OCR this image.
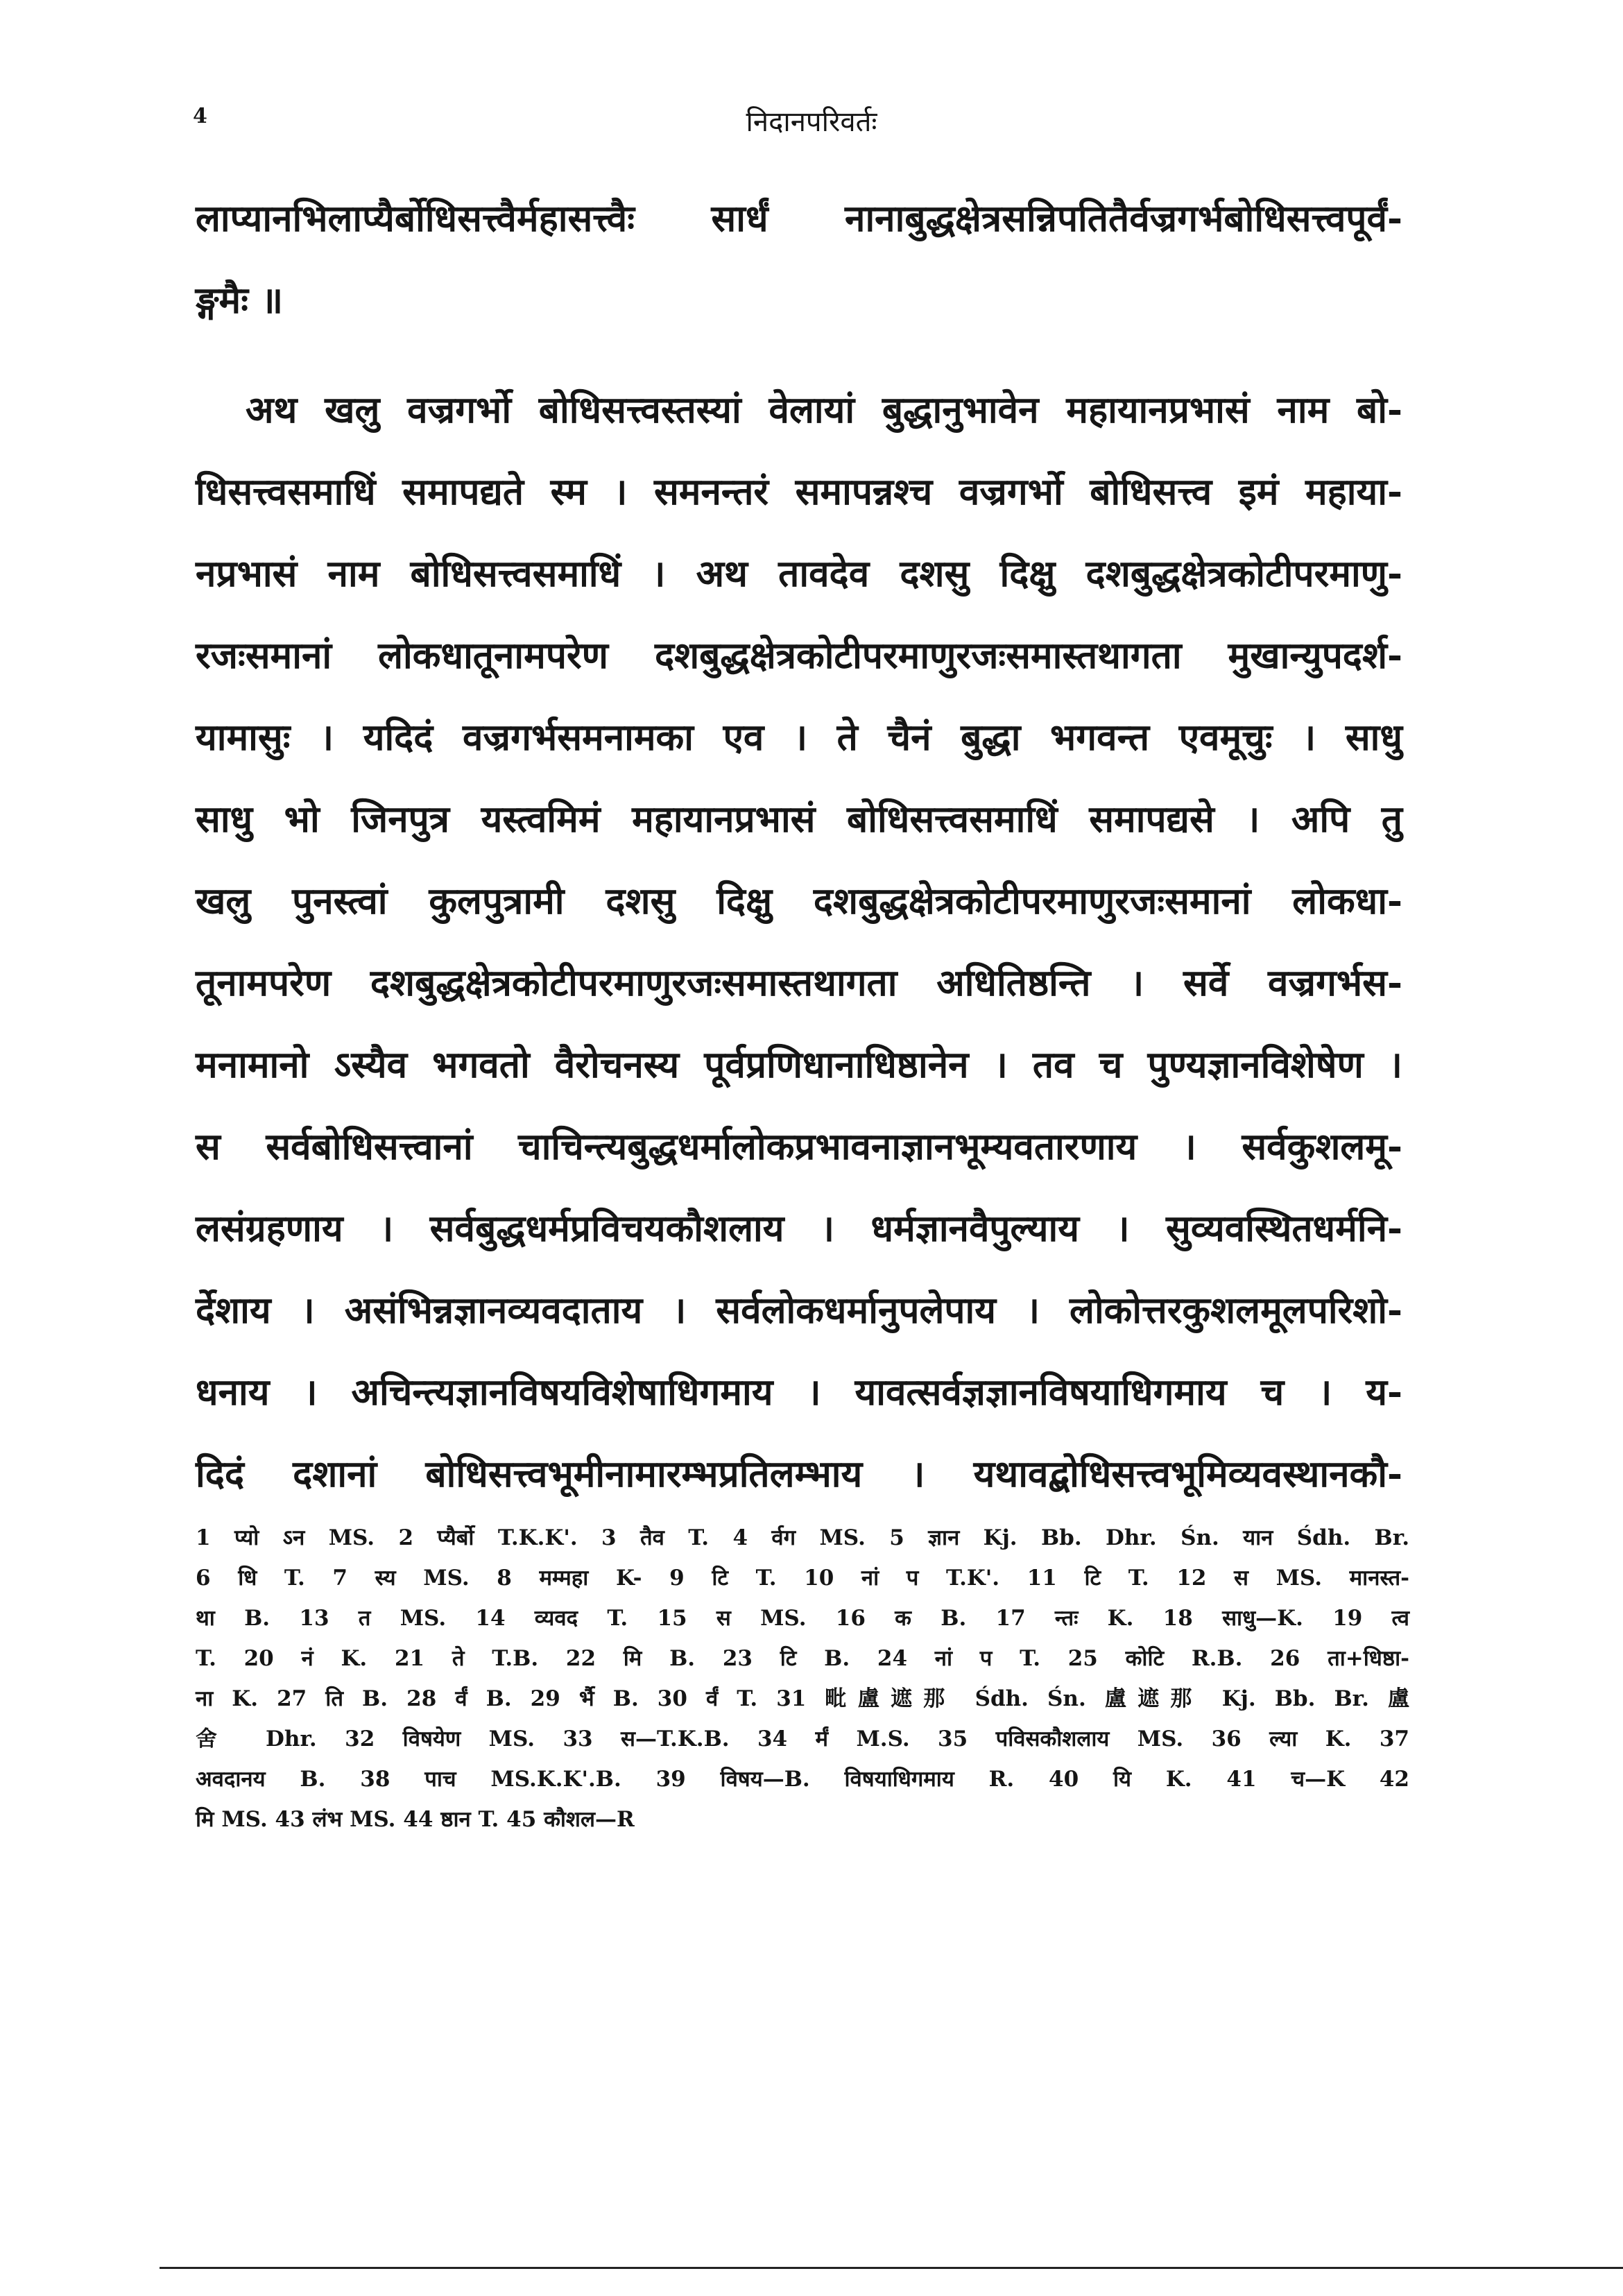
4	निदानपरिवर्तः

लाप्यानभिलाप्यैर्बोधिसत्त्वैर्महासत्त्वैः सार्धं नानाबुद्धक्षेत्रसन्निपतितैर्वज्रगर्भबोधिसत्त्वपूर्वं-

ङ्गमैः ॥

अथ खलु वज्रगर्भो बोधिसत्त्वस्तस्यां वेलायां बुद्धानुभावेन महायानप्रभासं नाम बो-

धिसत्त्वसमाधिं समापद्यते स्म । समनन्तरं समापन्नश्च वज्रगर्भो बोधिसत्त्व इमं महाया-

नप्रभासं नाम बोधिसत्त्वसमाधिं । अथ तावदेव दशसु दिक्षु दशबुद्धक्षेत्रकोटीपरमाणु-

रजःसमानां लोकधातूनामपरेण दशबुद्धक्षेत्रकोटीपरमाणुरजःसमास्तथागता मुखान्युपदर्श-

यामासुः । यदिदं वज्रगर्भसमनामका एव । ते चैनं बुद्धा भगवन्त एवमूचुः । साधु

साधु भो जिनपुत्र यस्त्वमिमं महायानप्रभासं बोधिसत्त्वसमाधिं समापद्यसे । अपि तु

खलु पुनस्त्वां कुलपुत्रामी दशसु दिक्षु दशबुद्धक्षेत्रकोटीपरमाणुरजःसमानां लोकधा-

तूनामपरेण दशबुद्धक्षेत्रकोटीपरमाणुरजःसमास्तथागता अधितिष्ठन्ति । सर्वे वज्रगर्भस-

मनामानो ऽस्यैव भगवतो वैरोचनस्य पूर्वप्रणिधानाधिष्ठानेन । तव च पुण्यज्ञानविशेषेण ।

स सर्वबोधिसत्त्वानां चाचिन्त्यबुद्धधर्मालोकप्रभावनाज्ञानभूम्यवतारणाय । सर्वकुशलमू-

लसंग्रहणाय । सर्वबुद्धधर्मप्रविचयकौशलाय । धर्मज्ञानवैपुल्याय । सुव्यवस्थितधर्मनि-

र्देशाय । असंभिन्नज्ञानव्यवदाताय । सर्वलोकधर्मानुपलेपाय । लोकोत्तरकुशलमूलपरिशो-

धनाय । अचिन्त्यज्ञानविषयविशेषाधिगमाय । यावत्सर्वज्ञज्ञानविषयाधिगमाय च । य-

दिदं दशानां बोधिसत्त्वभूमीनामारम्भप्रतिलम्भाय । यथावद्बोधिसत्त्वभूमिव्यवस्थानकौ-

1 प्यो ऽन MS. 2 प्यैर्बो T.K.K'. 3 तैव T. 4 र्वग MS. 5 ज्ञान Kj. Bb. Dhr. Śn. यान Śdh. Br.
6 धि T. 7 स्य MS. 8 मम्महा K- 9 टि T. 10 नां प T.K'. 11 टि T. 12 स MS. मानस्त-
था B. 13 त MS. 14 व्यवद T. 15 स MS. 16 क B. 17 न्तः K. 18 साधु—K. 19 त्व
T. 20 नं K. 21 ते T.B. 22 मि B. 23 टि B. 24 नां प T. 25 कोटि R.B. 26 ता+धिष्ठा-
ना K. 27 ति B. 28 र्वं B. 29 र्भै B. 30 र्वं T. 31 毗盧遮那 Śdh. Śn. 盧遮那 Kj. Bb. Br. 盧
舍 Dhr. 32 विषयेण MS. 33 स—T.K.B. 34 र्मं M.S. 35 पविसकौशलाय MS. 36 ल्या K. 37
अवदानय B. 38 पाच MS.K.K'.B. 39 विषय—B. विषयाधिगमाय R. 40 यि K. 41 च—K 42
मि MS. 43 लंभ MS. 44 ष्ठान T. 45 कौशल—R
